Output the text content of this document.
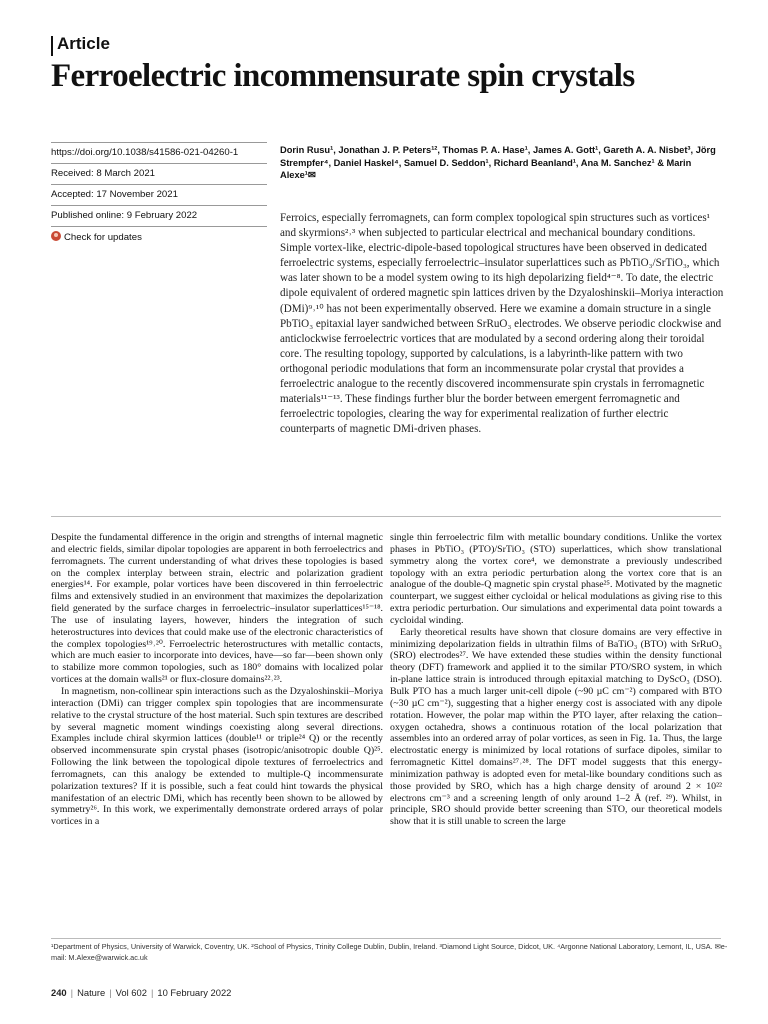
Article
Ferroelectric incommensurate spin crystals
https://doi.org/10.1038/s41586-021-04260-1
Received: 8 March 2021
Accepted: 17 November 2021
Published online: 9 February 2022
Check for updates
Dorin Rusu¹, Jonathan J. P. Peters¹², Thomas P. A. Hase¹, James A. Gott¹, Gareth A. A. Nisbet³, Jörg Strempfer⁴, Daniel Haskel⁴, Samuel D. Seddon¹, Richard Beanland¹, Ana M. Sanchez¹ & Marin Alexe¹✉
Ferroics, especially ferromagnets, can form complex topological spin structures such as vortices¹ and skyrmions²˒³ when subjected to particular electrical and mechanical boundary conditions. Simple vortex-like, electric-dipole-based topological structures have been observed in dedicated ferroelectric systems, especially ferroelectric–insulator superlattices such as PbTiO₃/SrTiO₃, which was later shown to be a model system owing to its high depolarizing field⁴⁻⁸. To date, the electric dipole equivalent of ordered magnetic spin lattices driven by the Dzyaloshinskii–Moriya interaction (DMi)⁹˒¹⁰ has not been experimentally observed. Here we examine a domain structure in a single PbTiO₃ epitaxial layer sandwiched between SrRuO₃ electrodes. We observe periodic clockwise and anticlockwise ferroelectric vortices that are modulated by a second ordering along their toroidal core. The resulting topology, supported by calculations, is a labyrinth-like pattern with two orthogonal periodic modulations that form an incommensurate polar crystal that provides a ferroelectric analogue to the recently discovered incommensurate spin crystals in ferromagnetic materials¹¹⁻¹³. These findings further blur the border between emergent ferromagnetic and ferroelectric topologies, clearing the way for experimental realization of further electric counterparts of magnetic DMi-driven phases.

Despite the fundamental difference in the origin and strengths of internal magnetic and electric fields, similar dipolar topologies are apparent in both ferroelectrics and ferromagnets. The current understanding of what drives these topologies is based on the complex interplay between strain, electric and polarization gradient energies¹⁴. For example, polar vortices have been discovered in thin ferroelectric films and extensively studied in an environment that maximizes the depolarization field generated by the surface charges in ferroelectric–insulator superlattices¹⁵⁻¹⁸. The use of insulating layers, however, hinders the integration of such heterostructures into devices that could make use of the electronic characteristics of the complex topologies¹⁹˒²⁰. Ferroelectric heterostructures with metallic contacts, which are much easier to incorporate into devices, have—so far—been shown only to stabilize more common topologies, such as 180° domains with localized polar vortices at the domain walls²¹ or flux-closure domains²²˒²³.

In magnetism, non-collinear spin interactions such as the Dzyaloshinskii–Moriya interaction (DMi) can trigger complex spin topologies that are incommensurate relative to the crystal structure of the host material. Such spin textures are described by several magnetic moment windings coexisting along several directions. Examples include chiral skyrmion lattices (double¹¹ or triple²⁴ Q) or the recently observed incommensurate spin crystal phases (isotropic/anisotropic double Q)²⁵. Following the link between the topological dipole textures of ferroelectrics and ferromagnets, can this analogy be extended to multiple-Q incommensurate polarization textures? If it is possible, such a feat could hint towards the physical manifestation of an electric DMi, which has recently been shown to be allowed by symmetry²⁶. In this work, we experimentally demonstrate ordered arrays of polar vortices in a

single thin ferroelectric film with metallic boundary conditions. Unlike the vortex phases in PbTiO₃ (PTO)/SrTiO₃ (STO) superlattices, which show translational symmetry along the vortex core⁴, we demonstrate a previously undescribed topology with an extra periodic perturbation along the vortex core that is an analogue of the double-Q magnetic spin crystal phase²⁵. Motivated by the magnetic counterpart, we suggest either cycloidal or helical modulations as giving rise to this extra periodic perturbation. Our simulations and experimental data point towards a cycloidal winding.

Early theoretical results have shown that closure domains are very effective in minimizing depolarization fields in ultrathin films of BaTiO₃ (BTO) with SrRuO₃ (SRO) electrodes²⁷. We have extended these studies within the density functional theory (DFT) framework and applied it to the similar PTO/SRO system, in which in-plane lattice strain is introduced through epitaxial matching to DyScO₃ (DSO). Bulk PTO has a much larger unit-cell dipole (~90 µC cm⁻²) compared with BTO (~30 µC cm⁻²), suggesting that a higher energy cost is associated with any dipole rotation. However, the polar map within the PTO layer, after relaxing the cation–oxygen octahedra, shows a continuous rotation of the local polarization that assembles into an ordered array of polar vortices, as seen in Fig. 1a. Thus, the large electrostatic energy is minimized by local rotations of surface dipoles, similar to ferromagnetic Kittel domains²⁷˒²⁸. The DFT model suggests that this energy-minimization pathway is adopted even for metal-like boundary conditions such as those provided by SRO, which has a high charge density of around 2 × 10²² electrons cm⁻³ and a screening length of only around 1–2 Å (ref. ²⁹). Whilst, in principle, SRO should provide better screening than STO, our theoretical models show that it is still unable to screen the large

¹Department of Physics, University of Warwick, Coventry, UK. ²School of Physics, Trinity College Dublin, Dublin, Ireland. ³Diamond Light Source, Didcot, UK. ⁴Argonne National Laboratory, Lemont, IL, USA. ✉e-mail: M.Alexe@warwick.ac.uk
240 | Nature | Vol 602 | 10 February 2022
